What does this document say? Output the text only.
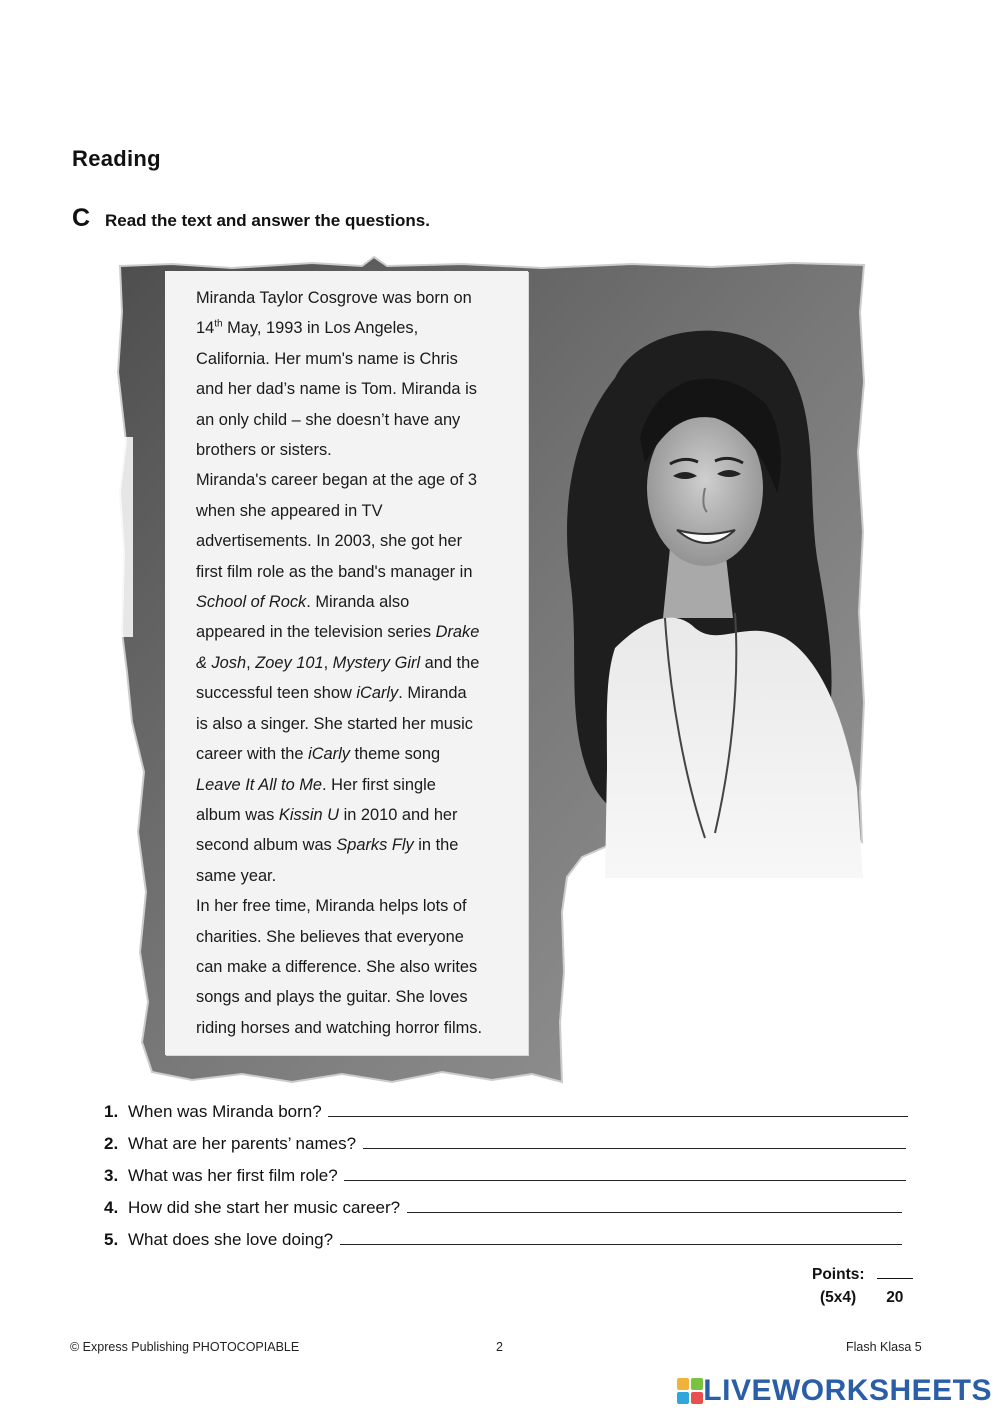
Reading
C Read the text and answer the questions.
Miranda Taylor Cosgrove was born on
14th May, 1993 in Los Angeles,
California. Her mum's name is Chris
and her dad’s name is Tom. Miranda is
an only child – she doesn’t have any
brothers or sisters.
Miranda's career began at the age of 3
when she appeared in TV
advertisements. In 2003, she got her
first film role as the band's manager in
School of Rock. Miranda also
appeared in the television series Drake
& Josh, Zoey 101, Mystery Girl and the
successful teen show iCarly. Miranda
is also a singer. She started her music
career with the iCarly theme song
Leave It All to Me. Her first single
album was Kissin U in 2010 and her
second album was Sparks Fly in the
same year.
In her free time, Miranda helps lots of
charities. She believes that everyone
can make a difference. She also writes
songs and plays the guitar. She loves
riding horses and watching horror films.
1. When was Miranda born?
2. What are her parents’ names?
3. What was her first film role?
4. How did she start her music career?
5. What does she love doing?
Points:
(5x4) 20
© Express Publishing PHOTOCOPIABLE	2	Flash Klasa 5
LIVEWORKSHEETS
